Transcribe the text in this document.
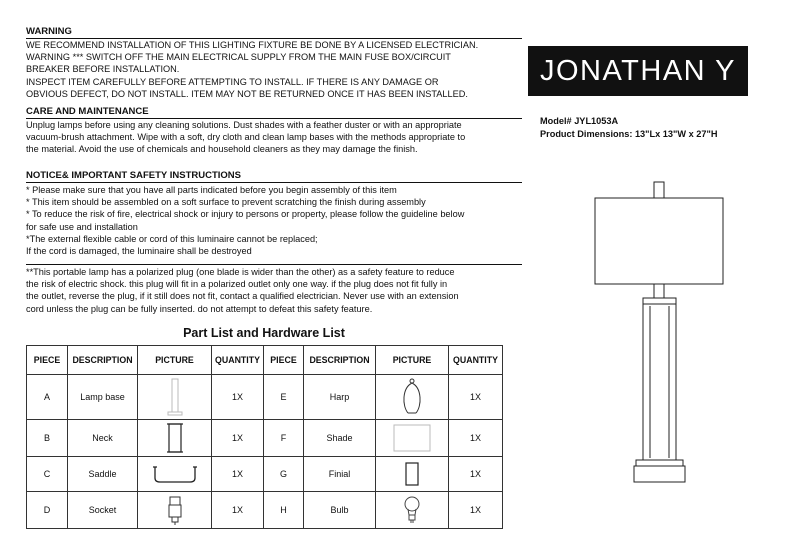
WARNING
WE RECOMMEND INSTALLATION OF THIS LIGHTING FIXTURE BE DONE BY A LICENSED ELECTRICIAN.
WARNING *** SWITCH OFF THE MAIN ELECTRICAL SUPPLY FROM THE MAIN FUSE BOX/CIRCUIT
BREAKER BEFORE INSTALLATION.
INSPECT ITEM CAREFULLY BEFORE ATTEMPTING TO INSTALL. IF THERE IS ANY DAMAGE OR
OBVIOUS DEFECT, DO NOT INSTALL. ITEM MAY NOT BE RETURNED ONCE IT HAS BEEN INSTALLED.
CARE AND MAINTENANCE
Unplug lamps before using any cleaning solutions. Dust shades with a feather duster or with an appropriate
vacuum-brush attachment. Wipe with a soft, dry cloth and clean lamp bases with the methods appropriate to
the material. Avoid the use of chemicals and household cleaners as they may damage the finish.
NOTICE& IMPORTANT SAFETY INSTRUCTIONS
* Please make sure that you have all parts indicated before you begin assembly of this item
* This item should be assembled on a soft surface to prevent scratching the finish during assembly
* To reduce the risk of fire, electrical shock or injury to persons or property, please follow the guideline below
for safe use and installation
*The external flexible cable or cord of this luminaire cannot be replaced;
If the cord is damaged, the luminaire shall be destroyed
**This portable lamp has a polarized plug (one blade is wider than the other) as a safety feature to reduce
the risk of electric shock. this plug will fit in a polarized outlet only one way. if the plug does not fit fully in
the outlet, reverse the plug, if it still does not fit, contact a qualified electrician. Never use with an extension
cord unless the plug can be fully inserted. do not attempt to defeat this safety feature.
JONATHAN Y
Model# JYL1053A
Product Dimensions: 13"Lx 13"W x 27"H
Part List and Hardware List
PIECE	DESCRIPTION	PICTURE	QUANTITY	PIECE	DESCRIPTION	PICTURE	QUANTITY
A	Lamp base		1X	E	Harp		1X
B	Neck		1X	F	Shade		1X
C	Saddle		1X	G	Finial		1X
D	Socket		1X	H	Bulb		1X
